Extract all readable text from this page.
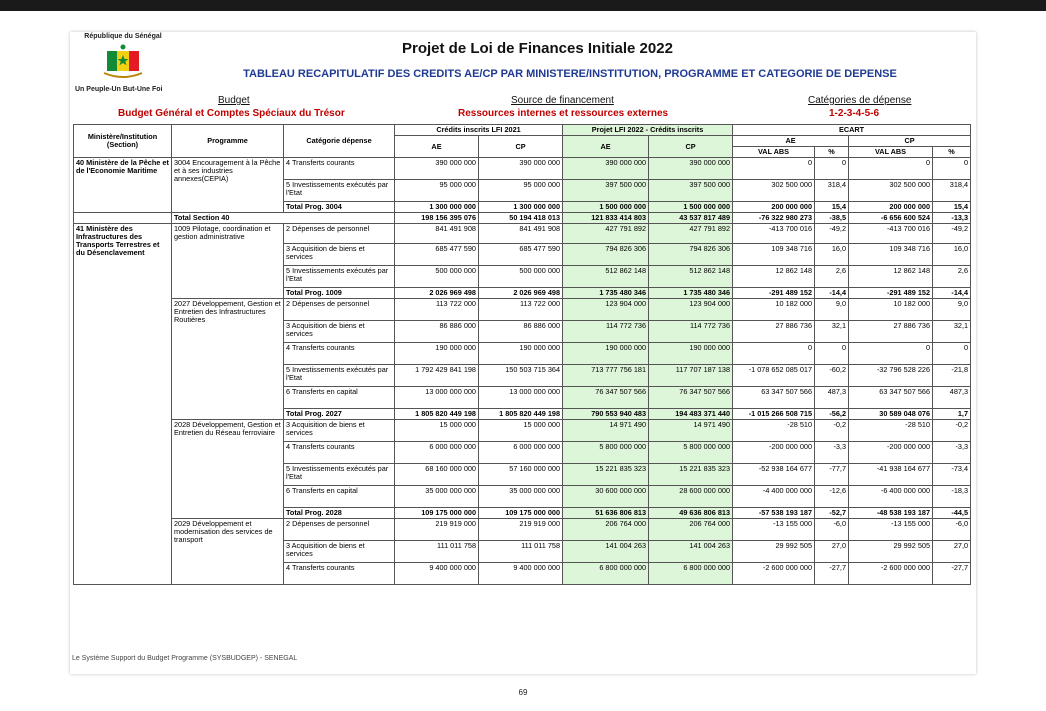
République du Sénégal
Un Peuple-Un But-Une Foi
Projet de Loi de Finances Initiale 2022
TABLEAU RECAPITULATIF DES CREDITS AE/CP PAR MINISTERE/INSTITUTION, PROGRAMME ET CATEGORIE DE DEPENSE
Budget
Budget Général et Comptes Spéciaux du Trésor
Source de financement
Ressources internes et ressources externes
Catégories de dépense
1-2-3-4-5-6
Ministère/Institution (Section)	Programme	Catégorie dépense	Crédits inscrits LFI 2021		Projet LFI 2022 - Crédits inscrits		ECART			
			AE	CP	AE	CP	AE		CP	
							VAL ABS	%	VAL ABS	%
40 Ministère de la Pêche et de l'Economie Maritime	3004 Encouragement à la Pêche et à ses industries annexes(CEPIA)	4 Transferts courants	390 000 000	390 000 000	390 000 000	390 000 000	0	0	0	0
		5 Investissements exécutés par l'Etat	95 000 000	95 000 000	397 500 000	397 500 000	302 500 000	318,4	302 500 000	318,4
		Total Prog. 3004	1 300 000 000	1 300 000 000	1 500 000 000	1 500 000 000	200 000 000	15,4	200 000 000	15,4
	Total Section 40		198 156 395 076	50 194 418 013	121 833 414 803	43 537 817 489	-76 322 980 273	-38,5	-6 656 600 524	-13,3
41 Ministère des Infrastructures des Transports Terrestres et du Désenclavement	1009 Pilotage, coordination et gestion administrative	2 Dépenses de personnel	841 491 908	841 491 908	427 791 892	427 791 892	-413 700 016	-49,2	-413 700 016	-49,2
		3 Acquisition de biens et services	685 477 590	685 477 590	794 826 306	794 826 306	109 348 716	16,0	109 348 716	16,0
		5 Investissements exécutés par l'Etat	500 000 000	500 000 000	512 862 148	512 862 148	12 862 148	2,6	12 862 148	2,6
		Total Prog. 1009	2 026 969 498	2 026 969 498	1 735 480 346	1 735 480 346	-291 489 152	-14,4	-291 489 152	-14,4
	2027 Développement, Gestion et Entretien des Infrastructures Routières	2 Dépenses de personnel	113 722 000	113 722 000	123 904 000	123 904 000	10 182 000	9,0	10 182 000	9,0
		3 Acquisition de biens et services	86 886 000	86 886 000	114 772 736	114 772 736	27 886 736	32,1	27 886 736	32,1
		4 Transferts courants	190 000 000	190 000 000	190 000 000	190 000 000	0	0	0	0
		5 Investissements exécutés par l'Etat	1 792 429 841 198	150 503 715 364	713 777 756 181	117 707 187 138	-1 078 652 085 017	-60,2	-32 796 528 226	-21,8
		6 Transferts en capital	13 000 000 000	13 000 000 000	76 347 507 566	76 347 507 566	63 347 507 566	487,3	63 347 507 566	487,3
		Total Prog. 2027	1 805 820 449 198	1 805 820 449 198	790 553 940 483	194 483 371 440	-1 015 266 508 715	-56,2	30 589 048 076	1,7
	2028 Développement, Gestion et Entretien du Réseau ferroviaire	3 Acquisition de biens et services	15 000 000	15 000 000	14 971 490	14 971 490	-28 510	-0,2	-28 510	-0,2
		4 Transferts courants	6 000 000 000	6 000 000 000	5 800 000 000	5 800 000 000	-200 000 000	-3,3	-200 000 000	-3,3
		5 Investissements exécutés par l'Etat	68 160 000 000	57 160 000 000	15 221 835 323	15 221 835 323	-52 938 164 677	-77,7	-41 938 164 677	-73,4
		6 Transferts en capital	35 000 000 000	35 000 000 000	30 600 000 000	28 600 000 000	-4 400 000 000	-12,6	-6 400 000 000	-18,3
		Total Prog. 2028	109 175 000 000	109 175 000 000	51 636 806 813	49 636 806 813	-57 538 193 187	-52,7	-48 538 193 187	-44,5
	2029 Développement et modernisation des services de transport	2 Dépenses de personnel	219 919 000	219 919 000	206 764 000	206 764 000	-13 155 000	-6,0	-13 155 000	-6,0
		3 Acquisition de biens et services	111 011 758	111 011 758	141 004 263	141 004 263	29 992 505	27,0	29 992 505	27,0
		4 Transferts courants	9 400 000 000	9 400 000 000	6 800 000 000	6 800 000 000	-2 600 000 000	-27,7	-2 600 000 000	-27,7
Le Système Support du Budget Programme (SYSBUDGEP) - SENEGAL
69
